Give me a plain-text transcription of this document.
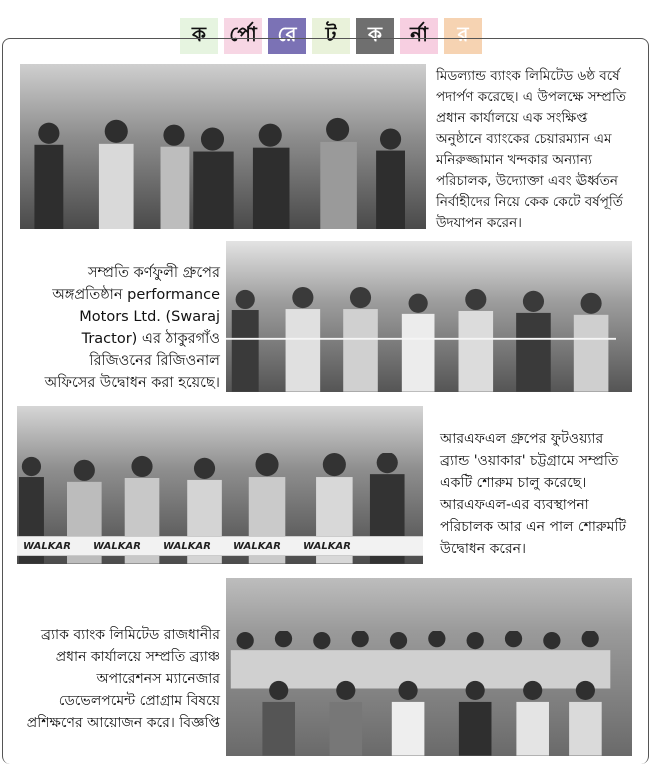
ক র্পো রে ট ক র্না র
মিডল্যান্ড ব্যাংক লিমিটেড ৬ষ্ঠ বর্ষে পদার্পণ করেছে। এ উপলক্ষে সম্প্রতি প্রধান কার্যালয়ে এক সংক্ষিপ্ত অনুষ্ঠানে ব্যাংকের চেয়ারম্যান এম মনিরুজ্জামান খন্দকার অন্যান্য পরিচালক, উদ্যোক্তা এবং ঊর্ধ্বতন নির্বাহীদের নিয়ে কেক কেটে বর্ষপূর্তি উদযাপন করেন।
সম্প্রতি কর্ণফুলী গ্রুপের অঙ্গপ্রতিষ্ঠান performance Motors Ltd. (Swaraj Tractor) এর ঠাকুরগাঁও রিজিওনের রিজিওনাল অফিসের উদ্বোধন করা হয়েছে।
WALKAR WALKAR WALKAR WALKAR WALKAR
আরএফএল গ্রুপের ফুটওয়্যার ব্র্যান্ড 'ওয়াকার' চট্টগ্রামে সম্প্রতি একটি শোরুম চালু করেছে। আরএফএল-এর ব্যবস্থাপনা পরিচালক আর এন পাল শোরুমটি উদ্বোধন করেন।
ব্র্যাক ব্যাংক লিমিটেড রাজধানীর প্রধান কার্যালয়ে সম্প্রতি ব্র্যাঞ্চ অপারেশনস ম্যানেজার ডেভেলপমেন্ট প্রোগ্রাম বিষয়ে প্রশিক্ষণের আয়োজন করে। বিজ্ঞপ্তি
